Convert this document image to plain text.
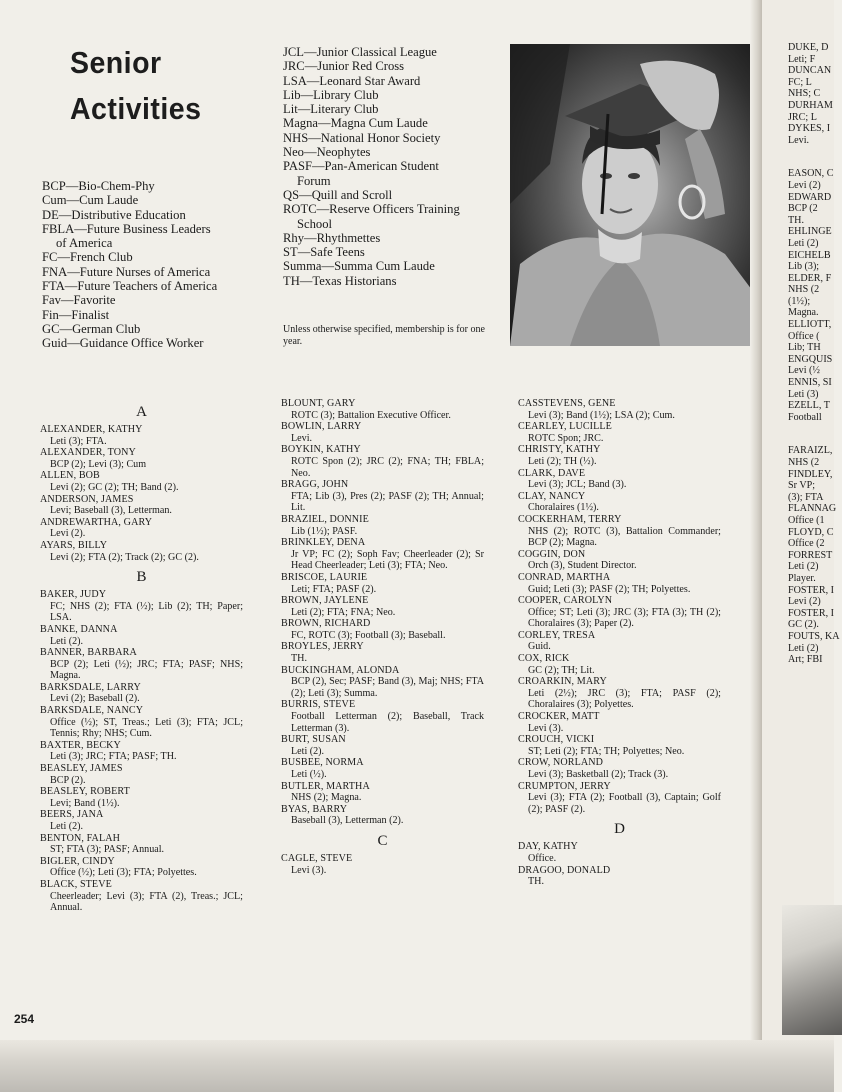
Senior
Activities
BCP—Bio-Chem-Phy
Cum—Cum Laude
DE—Distributive Education
FBLA—Future Business Leaders
of America
FC—French Club
FNA—Future Nurses of America
FTA—Future Teachers of America
Fav—Favorite
Fin—Finalist
GC—German Club
Guid—Guidance Office Worker
JCL—Junior Classical League
JRC—Junior Red Cross
LSA—Leonard Star Award
Lib—Library Club
Lit—Literary Club
Magna—Magna Cum Laude
NHS—National Honor Society
Neo—Neophytes
PASF—Pan-American Student
Forum
QS—Quill and Scroll
ROTC—Reserve Officers Training
School
Rhy—Rhythmettes
ST—Safe Teens
Summa—Summa Cum Laude
TH—Texas Historians
Unless otherwise specified, membership is for one year.
A
ALEXANDER, KATHY
Leti (3); FTA.
ALEXANDER, TONY
BCP (2); Levi (3); Cum
ALLEN, BOB
Levi (2); GC (2); TH; Band (2).
ANDERSON, JAMES
Levi; Baseball (3), Letterman.
ANDREWARTHA, GARY
Levi (2).
AYARS, BILLY
Levi (2); FTA (2); Track (2); GC (2).
B
BAKER, JUDY
FC; NHS (2); FTA (½); Lib (2); TH; Paper; LSA.
BANKE, DANNA
Leti (2).
BANNER, BARBARA
BCP (2); Leti (½); JRC; FTA; PASF; NHS; Magna.
BARKSDALE, LARRY
Levi (2); Baseball (2).
BARKSDALE, NANCY
Office (½); ST, Treas.; Leti (3); FTA; JCL; Tennis; Rhy; NHS; Cum.
BAXTER, BECKY
Leti (3); JRC; FTA; PASF; TH.
BEASLEY, JAMES
BCP (2).
BEASLEY, ROBERT
Levi; Band (1½).
BEERS, JANA
Leti (2).
BENTON, FALAH
ST; FTA (3); PASF; Annual.
BIGLER, CINDY
Office (½); Leti (3); FTA; Polyettes.
BLACK, STEVE
Cheerleader; Levi (3); FTA (2), Treas.; JCL; Annual.
BLOUNT, GARY
ROTC (3); Battalion Executive Officer.
BOWLIN, LARRY
Levi.
BOYKIN, KATHY
ROTC Spon (2); JRC (2); FNA; TH; FBLA; Neo.
BRAGG, JOHN
FTA; Lib (3), Pres (2); PASF (2); TH; Annual; Lit.
BRAZIEL, DONNIE
Lib (1½); PASF.
BRINKLEY, DENA
Jr VP; FC (2); Soph Fav; Cheerleader (2); Sr Head Cheerleader; Leti (3); FTA; Neo.
BRISCOE, LAURIE
Leti; FTA; PASF (2).
BROWN, JAYLENE
Leti (2); FTA; FNA; Neo.
BROWN, RICHARD
FC, ROTC (3); Football (3); Baseball.
BROYLES, JERRY
TH.
BUCKINGHAM, ALONDA
BCP (2), Sec; PASF; Band (3), Maj; NHS; FTA (2); Leti (3); Summa.
BURRIS, STEVE
Football Letterman (2); Baseball, Track Letterman (3).
BURT, SUSAN
Leti (2).
BUSBEE, NORMA
Leti (½).
BUTLER, MARTHA
NHS (2); Magna.
BYAS, BARRY
Baseball (3), Letterman (2).
C
CAGLE, STEVE
Levi (3).
CASSTEVENS, GENE
Levi (3); Band (1½); LSA (2); Cum.
CEARLEY, LUCILLE
ROTC Spon; JRC.
CHRISTY, KATHY
Leti (2); TH (½).
CLARK, DAVE
Levi (3); JCL; Band (3).
CLAY, NANCY
Choralaires (1½).
COCKERHAM, TERRY
NHS (2); ROTC (3), Battalion Commander; BCP (2); Magna.
COGGIN, DON
Orch (3), Student Director.
CONRAD, MARTHA
Guid; Leti (3); PASF (2); TH; Polyettes.
COOPER, CAROLYN
Office; ST; Leti (3); JRC (3); FTA (3); TH (2); Choralaires (3); Paper (2).
CORLEY, TRESA
Guid.
COX, RICK
GC (2); TH; Lit.
CROARKIN, MARY
Leti (2½); JRC (3); FTA; PASF (2); Choralaires (3); Polyettes.
CROCKER, MATT
Levi (3).
CROUCH, VICKI
ST; Leti (2); FTA; TH; Polyettes; Neo.
CROW, NORLAND
Levi (3); Basketball (2); Track (3).
CRUMPTON, JERRY
Levi (3); FTA (2); Football (3), Captain; Golf (2); PASF (2).
D
DAY, KATHY
Office.
DRAGOO, DONALD
TH.
254
DUKE, D
Leti; F
DUNCAN
FC; L
NHS; C
DURHAM
JRC; L
DYKES, I
Levi.
EASON, C
Levi (2)
EDWARD
BCP (2
TH.
EHLINGE
Leti (2)
EICHELB
Lib (3);
ELDER, F
NHS (2
(1½);
Magna.
ELLIOTT,
Office (
Lib; TH
ENGQUIS
Levi (½
ENNIS, SI
Leti (3)
EZELL, T
Football
FARAIZL,
NHS (2
FINDLEY,
Sr VP;
(3); FTA
FLANNAG
Office (1
FLOYD, C
Office (2
FORREST
Leti (2)
Player.
FOSTER, I
Levi (2)
FOSTER, I
GC (2).
FOUTS, KA
Leti (2)
Art; FBI
